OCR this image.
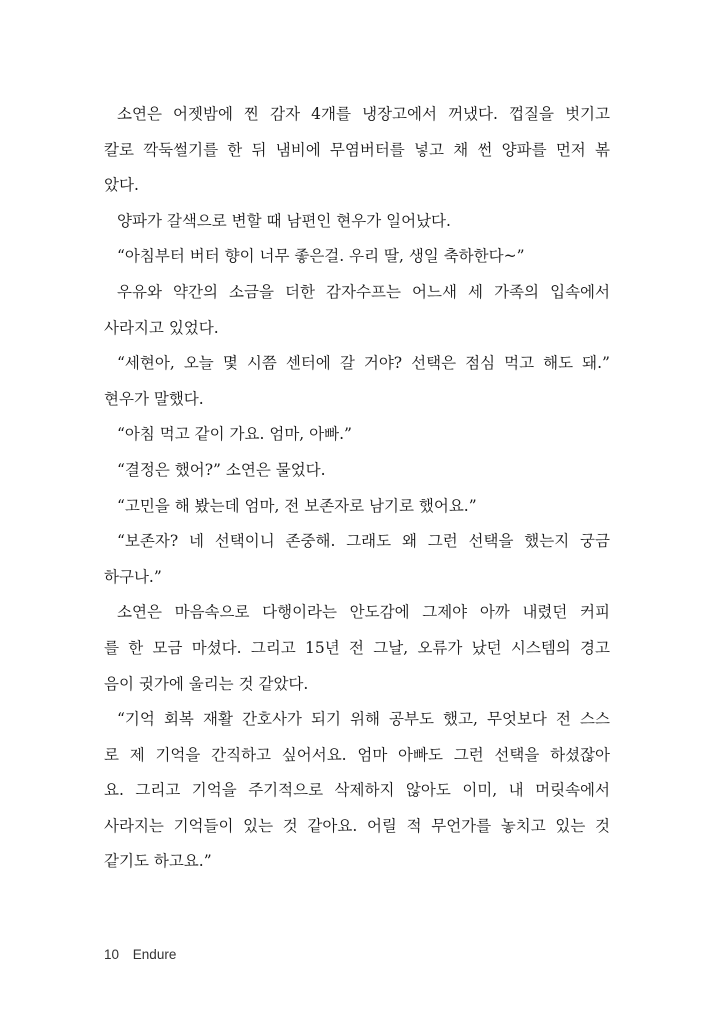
소연은 어젯밤에 찐 감자 4개를 냉장고에서 꺼냈다. 껍질을 벗기고
칼로 깍둑썰기를 한 뒤 냄비에 무염버터를 넣고 채 썬 양파를 먼저 볶
았다.
양파가 갈색으로 변할 때 남편인 현우가 일어났다.
“아침부터 버터 향이 너무 좋은걸. 우리 딸, 생일 축하한다~”
우유와 약간의 소금을 더한 감자수프는 어느새 세 가족의 입속에서
사라지고 있었다.
“세현아, 오늘 몇 시쯤 센터에 갈 거야? 선택은 점심 먹고 해도 돼.”
현우가 말했다.
“아침 먹고 같이 가요. 엄마, 아빠.”
“결정은 했어?” 소연은 물었다.
“고민을 해 봤는데 엄마, 전 보존자로 남기로 했어요.”
“보존자? 네 선택이니 존중해. 그래도 왜 그런 선택을 했는지 궁금
하구나.”
소연은 마음속으로 다행이라는 안도감에 그제야 아까 내렸던 커피
를 한 모금 마셨다. 그리고 15년 전 그날, 오류가 났던 시스템의 경고
음이 귓가에 울리는 것 같았다.
“기억 회복 재활 간호사가 되기 위해 공부도 했고, 무엇보다 전 스스
로 제 기억을 간직하고 싶어서요. 엄마 아빠도 그런 선택을 하셨잖아
요. 그리고 기억을 주기적으로 삭제하지 않아도 이미, 내 머릿속에서
사라지는 기억들이 있는 것 같아요. 어릴 적 무언가를 놓치고 있는 것
같기도 하고요.”
10 Endure
